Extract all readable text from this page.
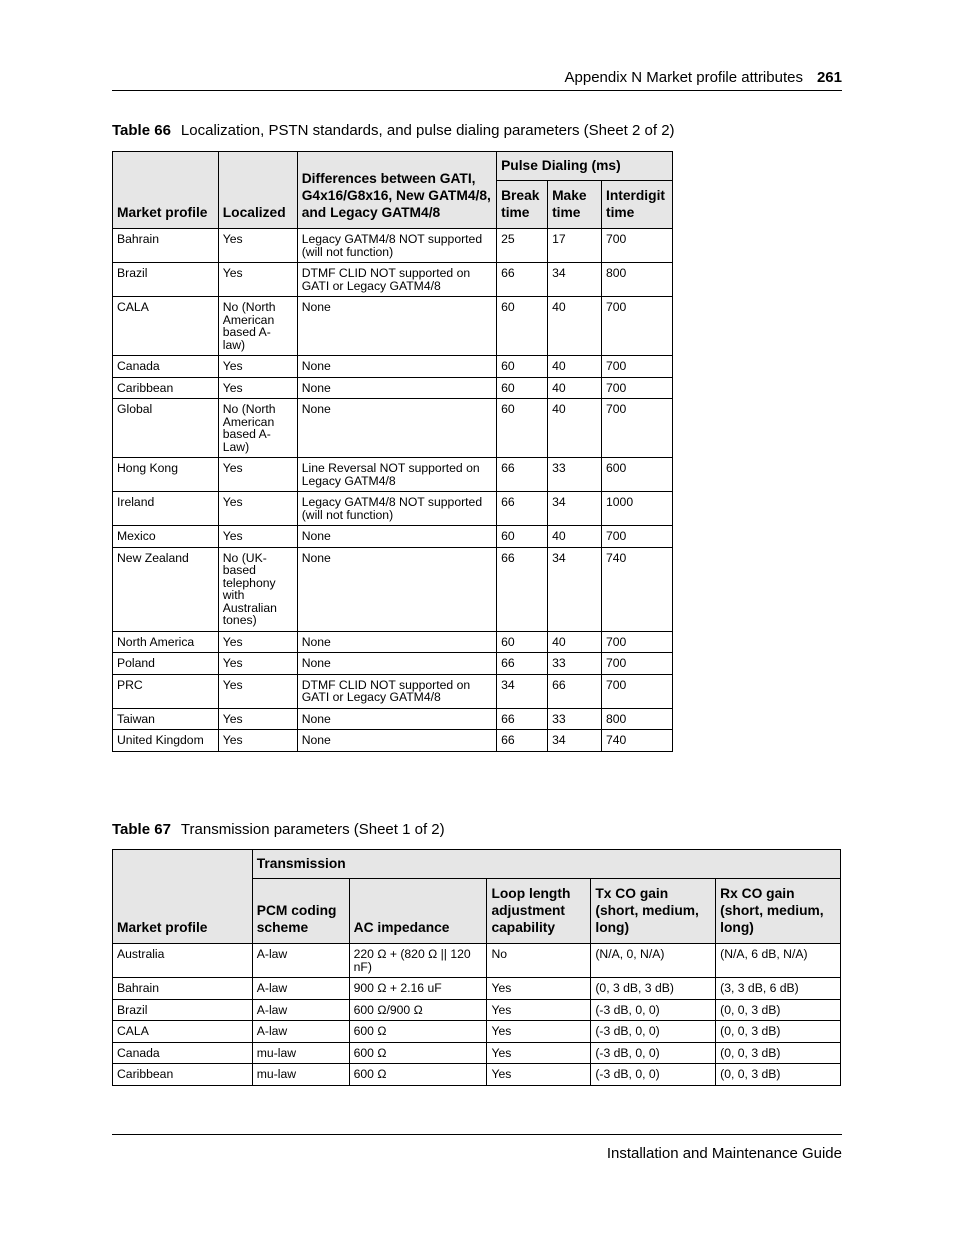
Appendix N Market profile attributes 261
Table 66 Localization, PSTN standards, and pulse dialing parameters (Sheet 2 of 2)
Market profile	Localized	Differences between GATI, G4x16/G8x16, New GATM4/8, and Legacy GATM4/8	Pulse Dialing (ms)		
			Break time	Make time	Interdigit time
Bahrain	Yes	Legacy GATM4/8 NOT supported (will not function)	25	17	700
Brazil	Yes	DTMF CLID NOT supported on GATI or Legacy GATM4/8	66	34	800
CALA	No (North American based A-law)	None	60	40	700
Canada	Yes	None	60	40	700
Caribbean	Yes	None	60	40	700
Global	No (North American based A-Law)	None	60	40	700
Hong Kong	Yes	Line Reversal NOT supported on Legacy GATM4/8	66	33	600
Ireland	Yes	Legacy GATM4/8 NOT supported (will not function)	66	34	1000
Mexico	Yes	None	60	40	700
New Zealand	No (UK-based telephony with Australian tones)	None	66	34	740
North America	Yes	None	60	40	700
Poland	Yes	None	66	33	700
PRC	Yes	DTMF CLID NOT supported on GATI or Legacy GATM4/8	34	66	700
Taiwan	Yes	None	66	33	800
United Kingdom	Yes	None	66	34	740
Table 67 Transmission parameters (Sheet 1 of 2)
Market profile	Transmission				
	PCM coding scheme	AC impedance	Loop length adjustment capability	Tx CO gain (short, medium, long)	Rx CO gain (short, medium, long)
Australia	A-law	220 Ω + (820 Ω || 120 nF)	No	(N/A, 0, N/A)	(N/A, 6 dB, N/A)
Bahrain	A-law	900 Ω + 2.16 uF	Yes	(0, 3 dB, 3 dB)	(3, 3 dB, 6 dB)
Brazil	A-law	600 Ω/900 Ω	Yes	(-3 dB, 0, 0)	(0, 0, 3 dB)
CALA	A-law	600 Ω	Yes	(-3 dB, 0, 0)	(0, 0, 3 dB)
Canada	mu-law	600 Ω	Yes	(-3 dB, 0, 0)	(0, 0, 3 dB)
Caribbean	mu-law	600 Ω	Yes	(-3 dB, 0, 0)	(0, 0, 3 dB)
Installation and Maintenance Guide
